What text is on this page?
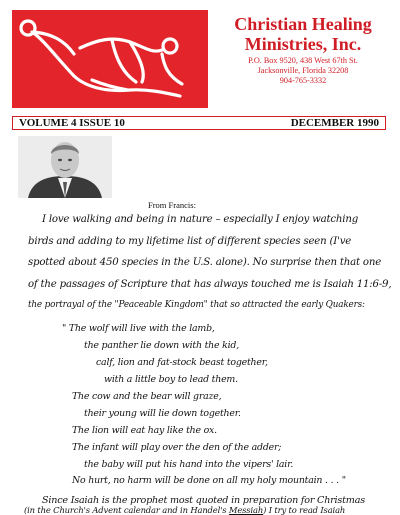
Christian Healing
Ministries, Inc.
P.O. Box 9520, 438 West 67th St.
Jacksonville, Florida 32208
904-765-3332
VOLUME 4 ISSUE 10	DECEMBER 1990
From Francis:
I love walking and being in nature – especially I enjoy watching
birds and adding to my lifetime list of different species seen (I've
spotted about 450 species in the U.S. alone). No surprise then that one
of the passages of Scripture that has always touched me is Isaiah 11:6-9,
the portrayal of the "Peaceable Kingdom" that so attracted the early Quakers:
" The wolf will live with the lamb,
the panther lie down with the kid,
calf, lion and fat-stock beast together,
with a little boy to lead them.
The cow and the bear will graze,
their young will lie down together.
The lion will eat hay like the ox.
The infant will play over the den of the adder;
the baby will put his hand into the vipers' lair.
No hurt, no harm will be done on all my holy mountain . . . "
Since Isaiah is the prophet most quoted in preparation for Christmas
(in the Church's Advent calendar and in Handel's Messiah) I try to read Isaiah
